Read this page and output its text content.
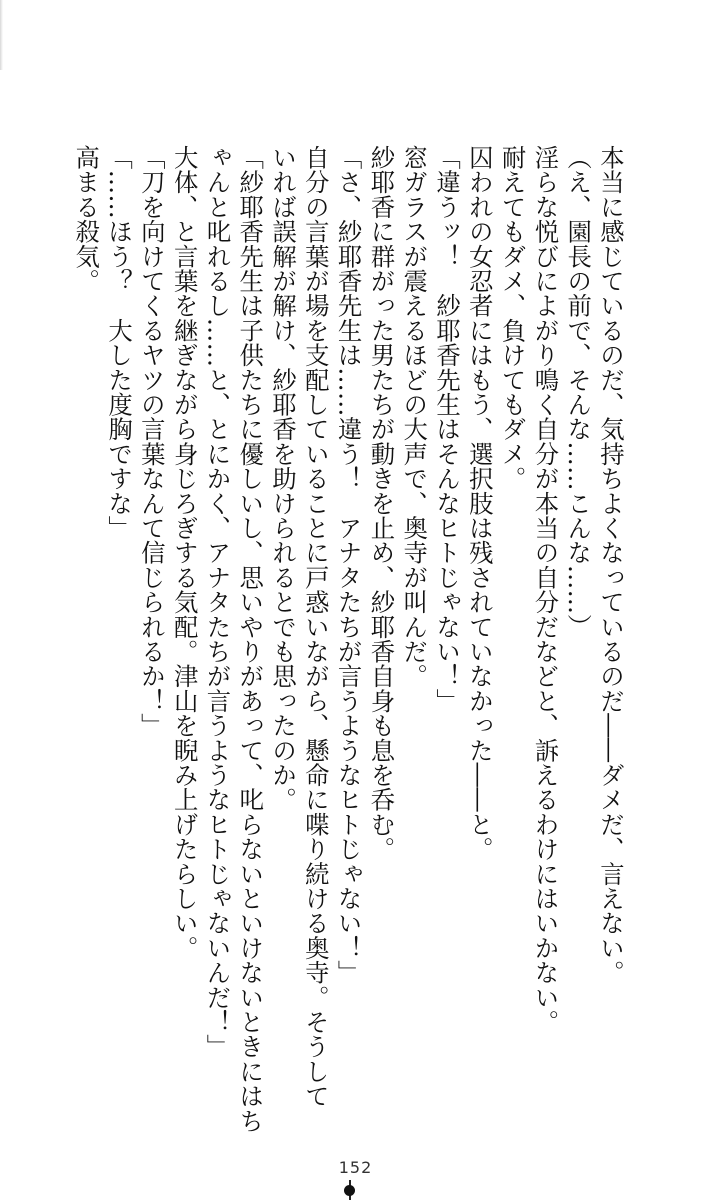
本当に感じているのだ、気持ちよくなっているのだ――ダメだ、言えない。
（え、園長の前で、そんな……こんな……）
淫らな悦びによがり鳴く自分が本当の自分だなどと、訴えるわけにはいかない。
耐えてもダメ、負けてもダメ。
囚われの女忍者にはもう、選択肢は残されていなかった――と。
「違うッ！　紗耶香先生はそんなヒトじゃない！」
窓ガラスが震えるほどの大声で、奥寺が叫んだ。
紗耶香に群がった男たちが動きを止め、紗耶香自身も息を呑む。
「さ、紗耶香先生は……違う！　アナタたちが言うようなヒトじゃない！」
自分の言葉が場を支配していることに戸惑いながら、懸命に喋り続ける奥寺。そうして
いれば誤解が解け、紗耶香を助けられるとでも思ったのか。
「紗耶香先生は子供たちに優しいし、思いやりがあって、叱らないといけないときにはち
ゃんと叱れるし……と、とにかく、アナタたちが言うようなヒトじゃないんだ！」
大体、と言葉を継ぎながら身じろぎする気配。津山を睨み上げたらしい。
「刀を向けてくるヤツの言葉なんて信じられるか！」
「……ほう？　大した度胸ですな」
高まる殺気。
152
